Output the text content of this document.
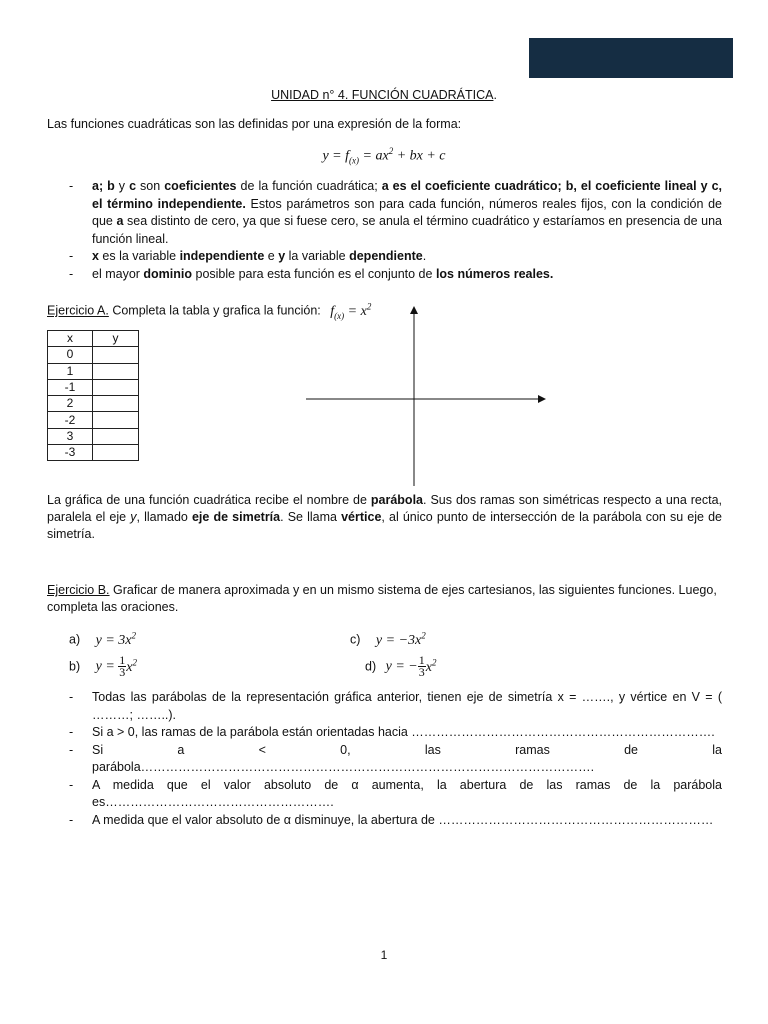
UNIDAD n° 4. FUNCIÓN CUADRÁTICA.
Las funciones cuadráticas son las definidas por una expresión de la forma:
$y = f_{(x)} = ax^2$ + bx + c
- a; b y c son coeficientes de la función cuadrática; a es el coeficiente cuadrático; b, el coeficiente lineal y c, el término independiente. Estos parámetros son para cada función, números reales fijos, con la condición de que a sea distinto de cero, ya que si fuese cero, se anula el término cuadrático y estaríamos en presencia de una función lineal.
- x es la variable independiente e y la variable dependiente.
- el mayor dominio posible para esta función es el conjunto de los números reales.
Ejercicio A. Completa la tabla y grafica la función: $f_{(x)} = x^2$
x	y
0	
1	
-1	
2	
-2	
3	
-3	
La gráfica de una función cuadrática recibe el nombre de parábola. Sus dos ramas son simétricas respecto a una recta, paralela el eje y, llamado eje de simetría. Se llama vértice, al único punto de intersección de la parábola con su eje de simetría.
Ejercicio B. Graficar de manera aproximada y en un mismo sistema de ejes cartesianos, las siguientes funciones. Luego, completa las oraciones.
a) $y = 3x^2$	c) $y = -3x^2$
b) $y = \frac{1}{3} x^2$	d) y = − $\frac{1}{3} x^2$
- Todas las parábolas de la representación gráfica anterior, tienen eje de simetría x = ……., y vértice en V = ( ………; ……..).
- Si a > 0, las ramas de la parábola están orientadas hacia ……………………………………………………………….
- Si a < 0, las ramas de la parábola……………………………………………………………………………………………….
- A medida que el valor absoluto de α aumenta, la abertura de las ramas de la parábola es……………………………………………….
- A medida que el valor absoluto de α disminuye, la abertura de …………………………………………………………
1
